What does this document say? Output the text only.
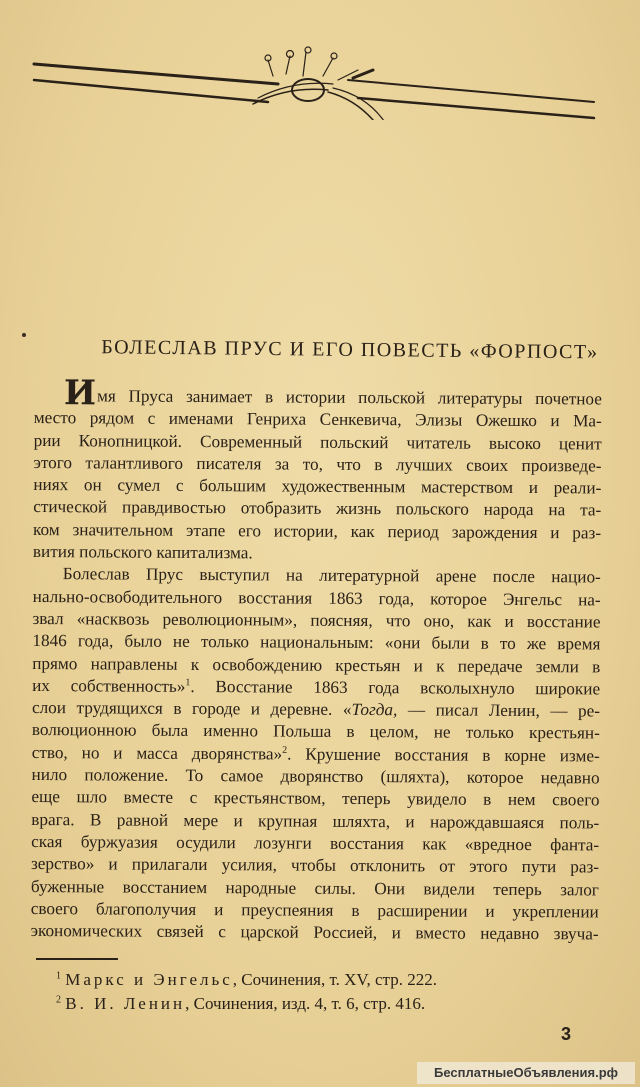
БОЛЕСЛАВ ПРУС И ЕГО ПОВЕСТЬ «ФОРПОСТ»
Имя Пруса занимает в истории польской литературы почетное
место рядом с именами Генриха Сенкевича, Элизы Ожешко и Ма-
рии Конопницкой. Современный польский читатель высоко ценит
этого талантливого писателя за то, что в лучших своих произведе-
ниях он сумел с большим художественным мастерством и реали-
стической правдивостью отобразить жизнь польского народа на та-
ком значительном этапе его истории, как период зарождения и раз-
вития польского капитализма.
Болеслав Прус выступил на литературной арене после нацио-
нально-освободительного восстания 1863 года, которое Энгельс на-
звал «насквозь революционным», поясняя, что оно, как и восстание
1846 года, было не только национальным: «они были в то же время
прямо направлены к освобождению крестьян и к передаче земли в
их собственность»$^1$. Восстание 1863 года всколыхнуло широкие
слои трудящихся в городе и деревне. «Тогда, — писал Ленин, — ре-
волюционною была именно Польша в целом, не только крестьян-
ство, но и масса дворянства»$^2$. Крушение восстания в корне изме-
нило положение. То самое дворянство (шляхта), которое недавно
еще шло вместе с крестьянством, теперь увидело в нем своего
врага. В равной мере и крупная шляхта, и нарождавшаяся поль-
ская буржуазия осудили лозунги восстания как «вредное фанта-
зерство» и прилагали усилия, чтобы отклонить от этого пути раз-
буженные восстанием народные силы. Они видели теперь залог
своего благополучия и преуспеяния в расширении и укреплении
экономических связей с царской Россией, и вместо недавно звуча-
$^1$ Маркс и Энгельс, Сочинения, т. XV, стр. 222.
$^2$ В. И. Ленин, Сочинения, изд. 4, т. 6, стр. 416.
3
БесплатныеОбъявления.рф
